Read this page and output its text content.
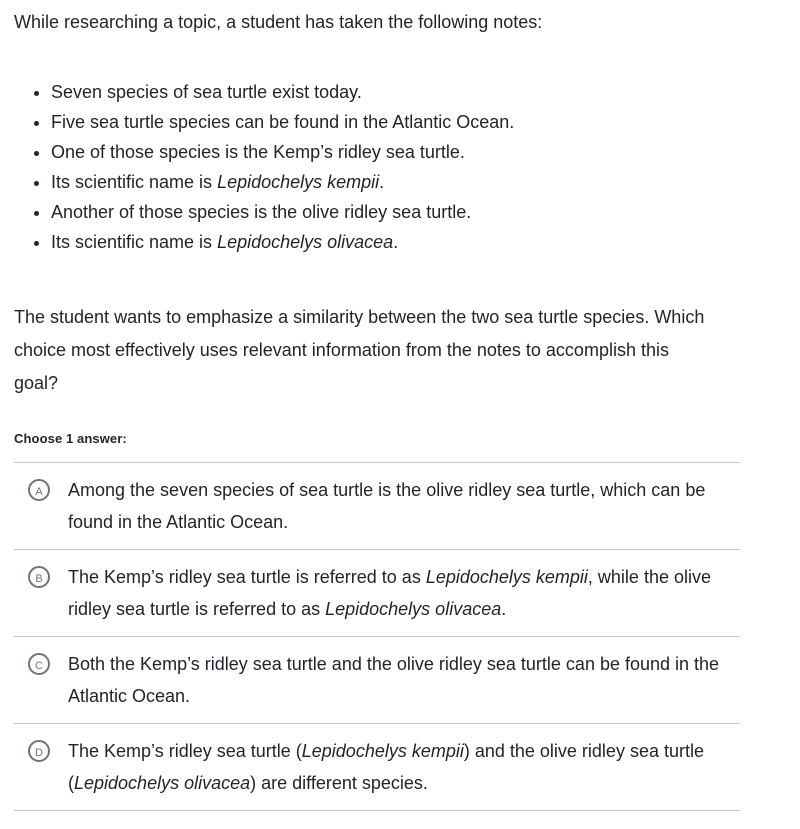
While researching a topic, a student has taken the following notes:

• Seven species of sea turtle exist today.
• Five sea turtle species can be found in the Atlantic Ocean.
• One of those species is the Kemp’s ridley sea turtle.
• Its scientific name is Lepidochelys kempii.
• Another of those species is the olive ridley sea turtle.
• Its scientific name is Lepidochelys olivacea.

The student wants to emphasize a similarity between the two sea turtle species. Which choice most effectively uses relevant information from the notes to accomplish this goal?

Choose 1 answer:
A	Among the seven species of sea turtle is the olive ridley sea turtle, which can be found in the Atlantic Ocean.
B	The Kemp’s ridley sea turtle is referred to as Lepidochelys kempii, while the olive ridley sea turtle is referred to as Lepidochelys olivacea.
C	Both the Kemp’s ridley sea turtle and the olive ridley sea turtle can be found in the Atlantic Ocean.
D	The Kemp’s ridley sea turtle (Lepidochelys kempii) and the olive ridley sea turtle (Lepidochelys olivacea) are different species.
